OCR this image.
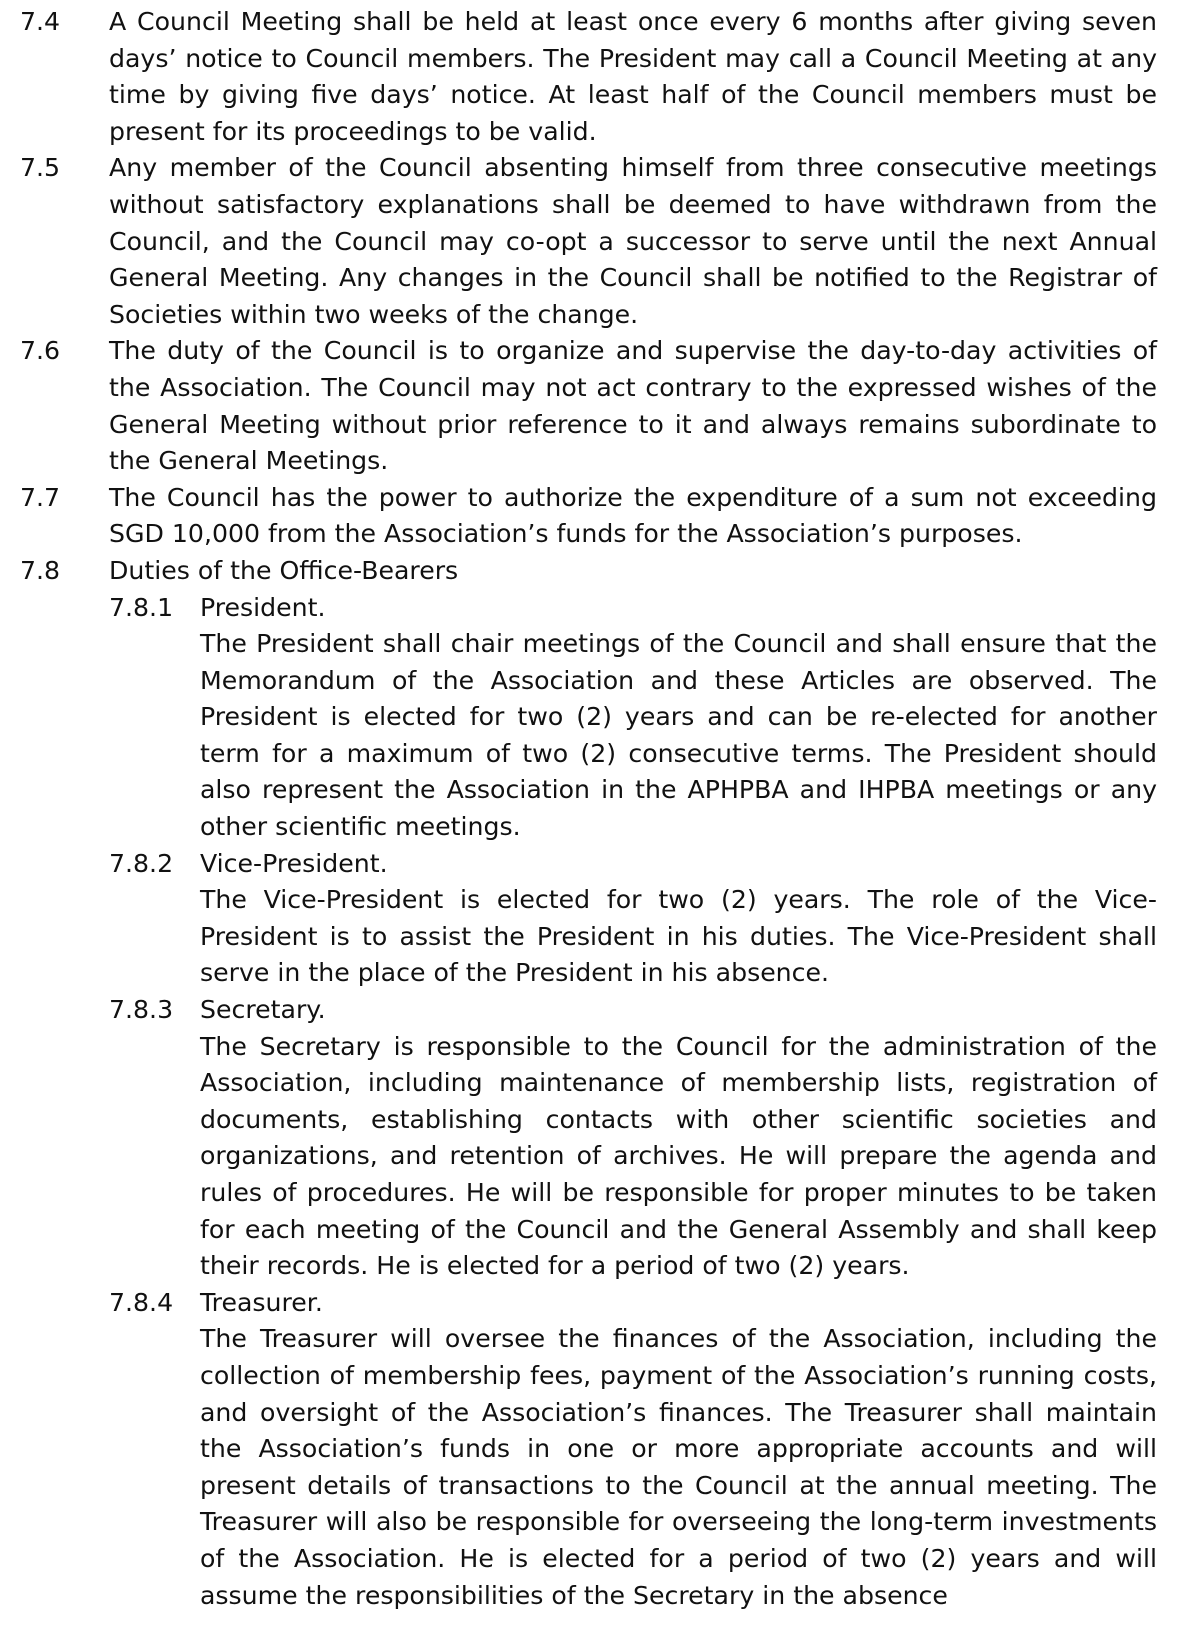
7.4 A Council Meeting shall be held at least once every 6 months after giving seven days’ notice to Council members. The President may call a Council Meeting at any time by giving five days’ notice. At least half of the Council members must be present for its proceedings to be valid.
7.5 Any member of the Council absenting himself from three consecutive meetings without satisfactory explanations shall be deemed to have withdrawn from the Council, and the Council may co-opt a successor to serve until the next Annual General Meeting. Any changes in the Council shall be notified to the Registrar of Societies within two weeks of the change.
7.6 The duty of the Council is to organize and supervise the day-to-day activities of the Association. The Council may not act contrary to the expressed wishes of the General Meeting without prior reference to it and always remains subordinate to the General Meetings.
7.7 The Council has the power to authorize the expenditure of a sum not exceeding SGD 10,000 from the Association’s funds for the Association’s purposes.
7.8 Duties of the Office-Bearers
7.8.1 President.
The President shall chair meetings of the Council and shall ensure that the Memorandum of the Association and these Articles are observed. The President is elected for two (2) years and can be re-elected for another term for a maximum of two (2) consecutive terms. The President should also represent the Association in the APHPBA and IHPBA meetings or any other scientific meetings.
7.8.2 Vice-President.
The Vice-President is elected for two (2) years. The role of the Vice-President is to assist the President in his duties. The Vice-President shall serve in the place of the President in his absence.
7.8.3 Secretary.
The Secretary is responsible to the Council for the administration of the Association, including maintenance of membership lists, registration of documents, establishing contacts with other scientific societies and organizations, and retention of archives. He will prepare the agenda and rules of procedures. He will be responsible for proper minutes to be taken for each meeting of the Council and the General Assembly and shall keep their records. He is elected for a period of two (2) years.
7.8.4 Treasurer.
The Treasurer will oversee the finances of the Association, including the collection of membership fees, payment of the Association’s running costs, and oversight of the Association’s finances. The Treasurer shall maintain the Association’s funds in one or more appropriate accounts and will present details of transactions to the Council at the annual meeting. The Treasurer will also be responsible for overseeing the long-term investments of the Association. He is elected for a period of two (2) years and will assume the responsibilities of the Secretary in the absence
